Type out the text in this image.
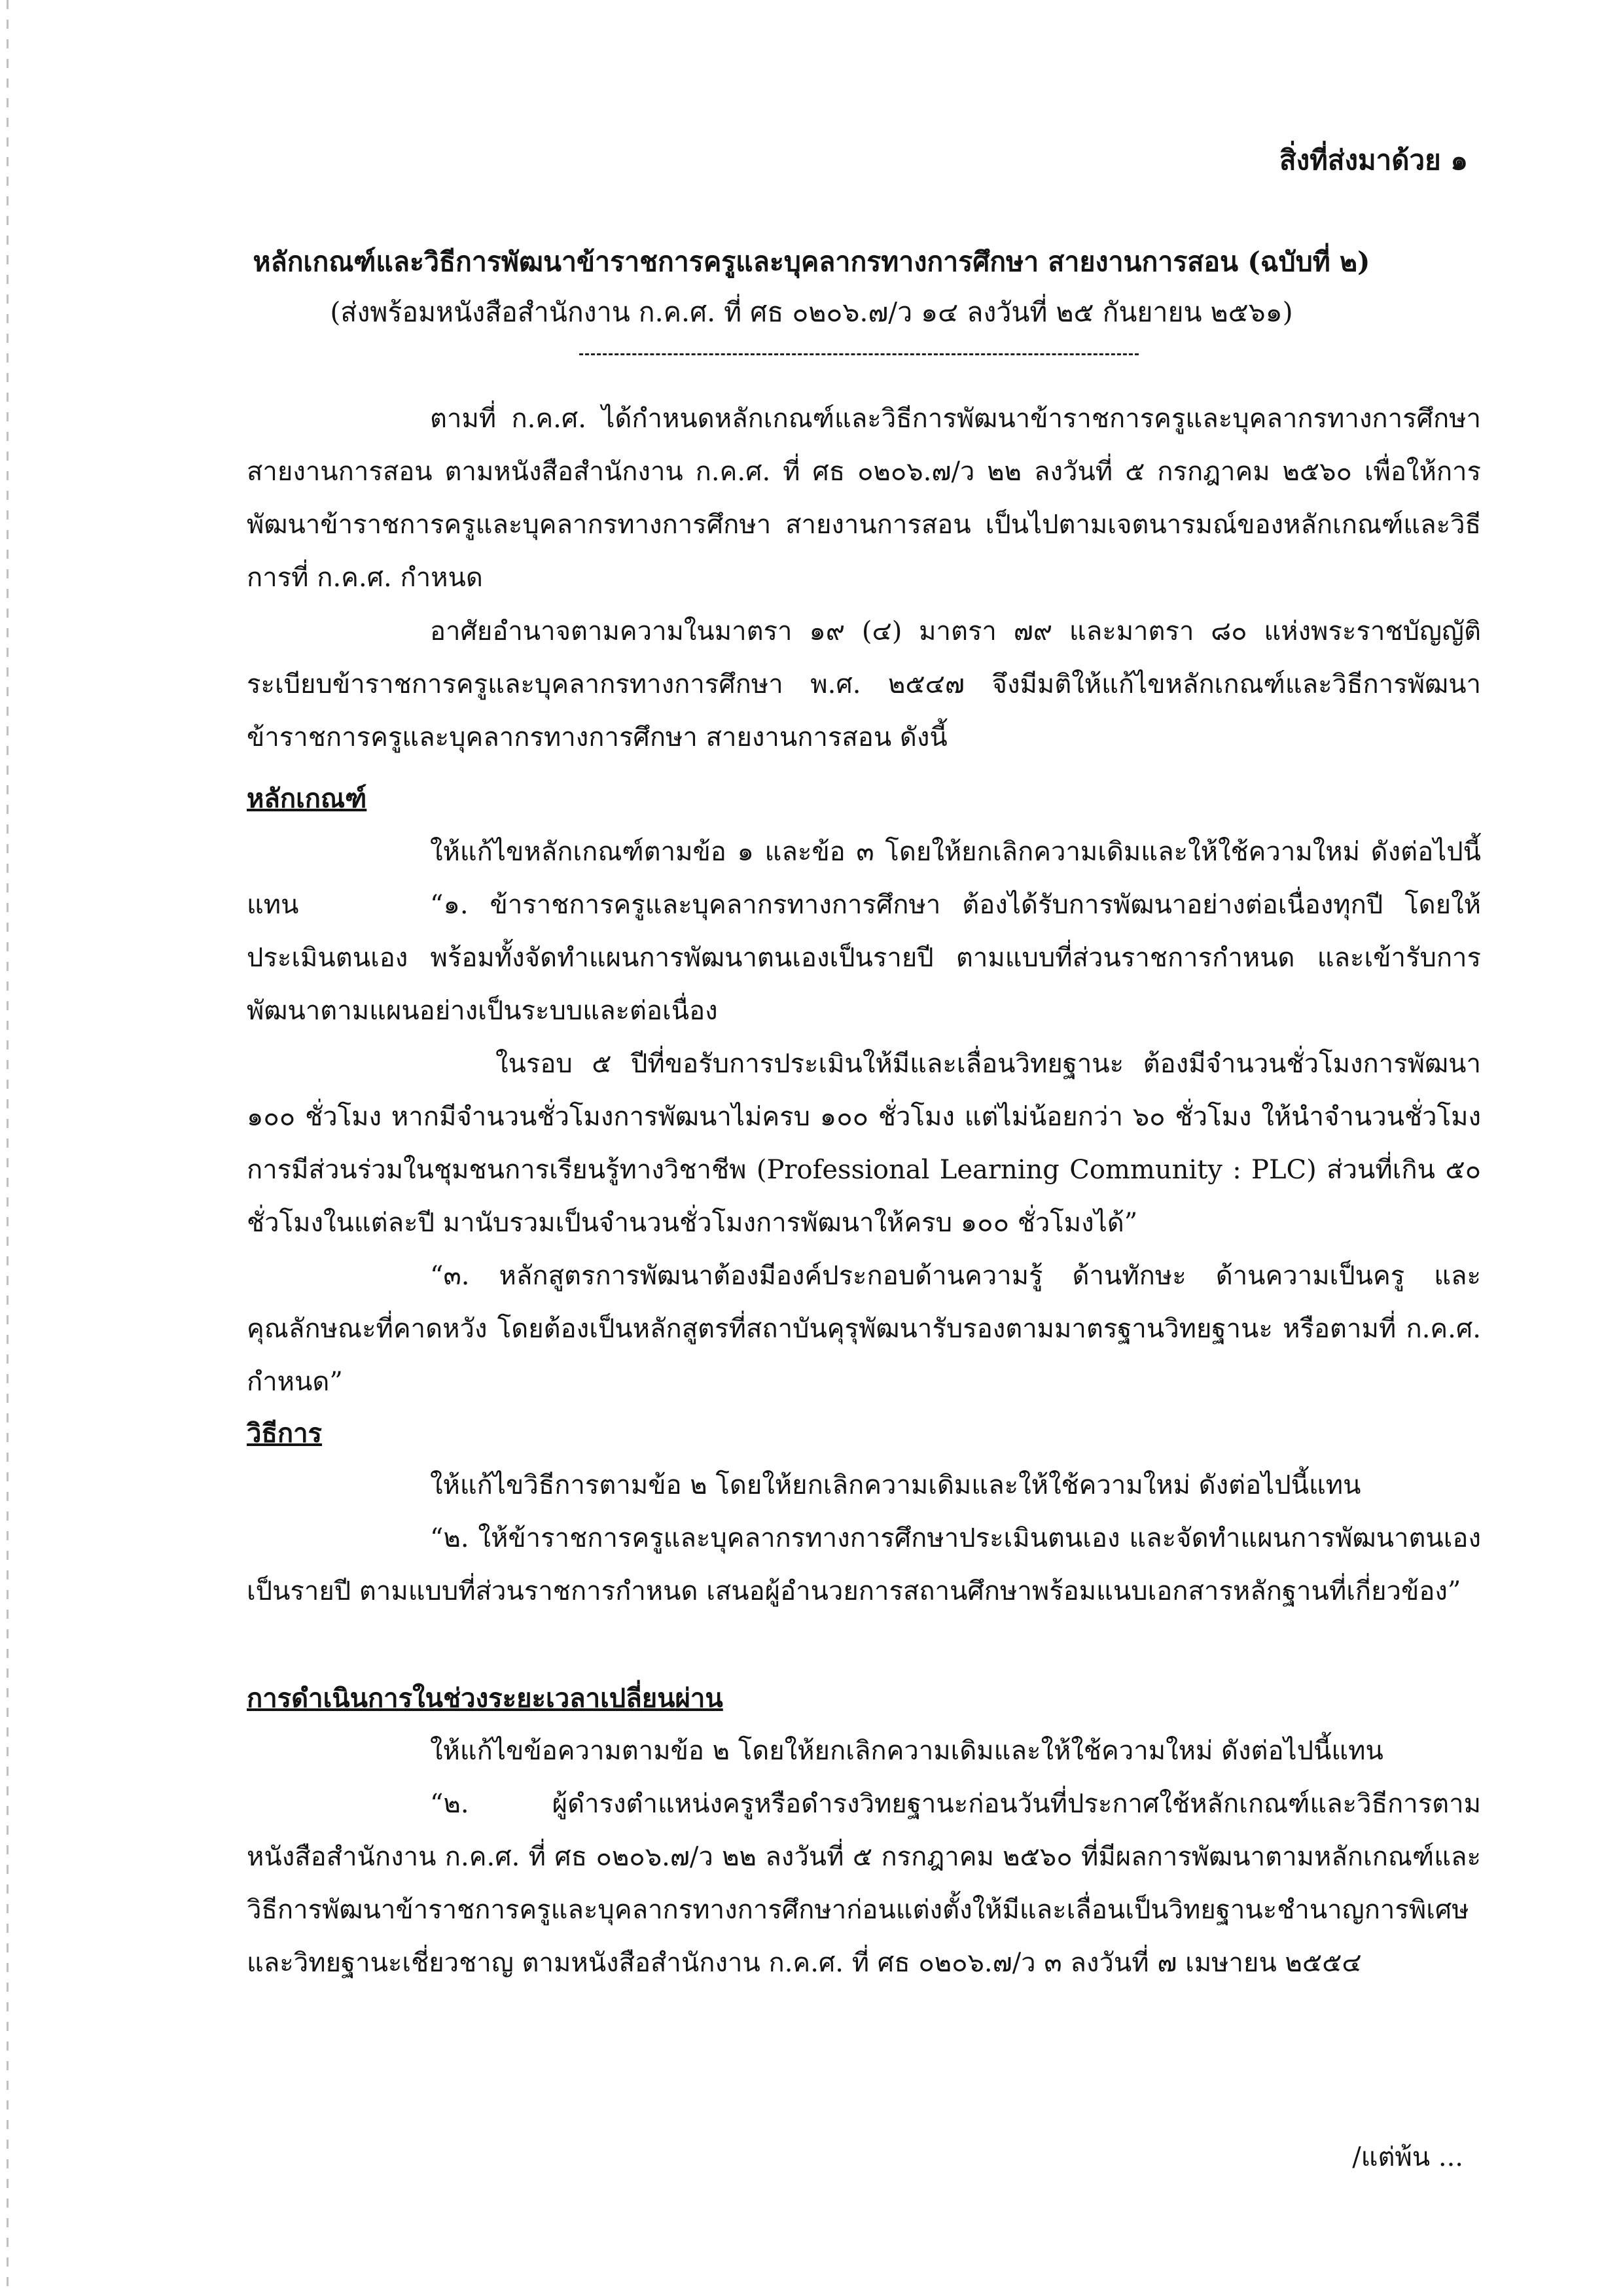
สิ่งที่ส่งมาด้วย ๑
หลักเกณฑ์และวิธีการพัฒนาข้าราชการครูและบุคลากรทางการศึกษา สายงานการสอน (ฉบับที่ ๒)
(ส่งพร้อมหนังสือสำนักงาน ก.ค.ศ. ที่ ศธ ๐๒๐๖.๗/ว ๑๔ ลงวันที่ ๒๕ กันยายน ๒๕๖๑)

ตามที่ ก.ค.ศ. ได้กำหนดหลักเกณฑ์และวิธีการพัฒนาข้าราชการครูและบุคลากรทางการศึกษา สายงานการสอน ตามหนังสือสำนักงาน ก.ค.ศ. ที่ ศธ ๐๒๐๖.๗/ว ๒๒ ลงวันที่ ๕ กรกฎาคม ๒๕๖๐ เพื่อให้การพัฒนาข้าราชการครูและบุคลากรทางการศึกษา สายงานการสอน เป็นไปตามเจตนารมณ์ของหลักเกณฑ์และวิธีการที่ ก.ค.ศ. กำหนด

อาศัยอำนาจตามความในมาตรา ๑๙ (๔) มาตรา ๗๙ และมาตรา ๘๐ แห่งพระราชบัญญัติระเบียบข้าราชการครูและบุคลากรทางการศึกษา พ.ศ. ๒๕๔๗ จึงมีมติให้แก้ไขหลักเกณฑ์และวิธีการพัฒนาข้าราชการครูและบุคลากรทางการศึกษา สายงานการสอน ดังนี้

หลักเกณฑ์

ให้แก้ไขหลักเกณฑ์ตามข้อ ๑ และข้อ ๓ โดยให้ยกเลิกความเดิมและให้ใช้ความใหม่ ดังต่อไปนี้แทน	“๑. ข้าราชการครูและบุคลากรทางการศึกษา ต้องได้รับการพัฒนาอย่างต่อเนื่องทุกปี โดยให้ประเมินตนเอง พร้อมทั้งจัดทำแผนการพัฒนาตนเองเป็นรายปี ตามแบบที่ส่วนราชการกำหนด และเข้ารับการพัฒนาตามแผนอย่างเป็นระบบและต่อเนื่อง

ในรอบ ๕ ปีที่ขอรับการประเมินให้มีและเลื่อนวิทยฐานะ ต้องมีจำนวนชั่วโมงการพัฒนา ๑๐๐ ชั่วโมง หากมีจำนวนชั่วโมงการพัฒนาไม่ครบ ๑๐๐ ชั่วโมง แต่ไม่น้อยกว่า ๖๐ ชั่วโมง ให้นำจำนวนชั่วโมงการมีส่วนร่วมในชุมชนการเรียนรู้ทางวิชาชีพ (Professional Learning Community : PLC) ส่วนที่เกิน ๕๐ ชั่วโมงในแต่ละปี มานับรวมเป็นจำนวนชั่วโมงการพัฒนาให้ครบ ๑๐๐ ชั่วโมงได้”

“๓. หลักสูตรการพัฒนาต้องมีองค์ประกอบด้านความรู้ ด้านทักษะ ด้านความเป็นครู และคุณลักษณะที่คาดหวัง โดยต้องเป็นหลักสูตรที่สถาบันคุรุพัฒนารับรองตามมาตรฐานวิทยฐานะ หรือตามที่ ก.ค.ศ. กำหนด”

วิธีการ

ให้แก้ไขวิธีการตามข้อ ๒ โดยให้ยกเลิกความเดิมและให้ใช้ความใหม่ ดังต่อไปนี้แทน

“๒. ให้ข้าราชการครูและบุคลากรทางการศึกษาประเมินตนเอง และจัดทำแผนการพัฒนาตนเองเป็นรายปี ตามแบบที่ส่วนราชการกำหนด เสนอผู้อำนวยการสถานศึกษาพร้อมแนบเอกสารหลักฐานที่เกี่ยวข้อง”

การดำเนินการในช่วงระยะเวลาเปลี่ยนผ่าน

ให้แก้ไขข้อความตามข้อ ๒ โดยให้ยกเลิกความเดิมและให้ใช้ความใหม่ ดังต่อไปนี้แทน

“๒. ผู้ดำรงตำแหน่งครูหรือดำรงวิทยฐานะก่อนวันที่ประกาศใช้หลักเกณฑ์และวิธีการตามหนังสือสำนักงาน ก.ค.ศ. ที่ ศธ ๐๒๐๖.๗/ว ๒๒ ลงวันที่ ๕ กรกฎาคม ๒๕๖๐ ที่มีผลการพัฒนาตามหลักเกณฑ์และวิธีการพัฒนาข้าราชการครูและบุคลากรทางการศึกษาก่อนแต่งตั้งให้มีและเลื่อนเป็นวิทยฐานะชำนาญการพิเศษและวิทยฐานะเชี่ยวชาญ ตามหนังสือสำนักงาน ก.ค.ศ. ที่ ศธ ๐๒๐๖.๗/ว ๓ ลงวันที่ ๗ เมษายน ๒๕๕๔

/แต่พ้น ...
